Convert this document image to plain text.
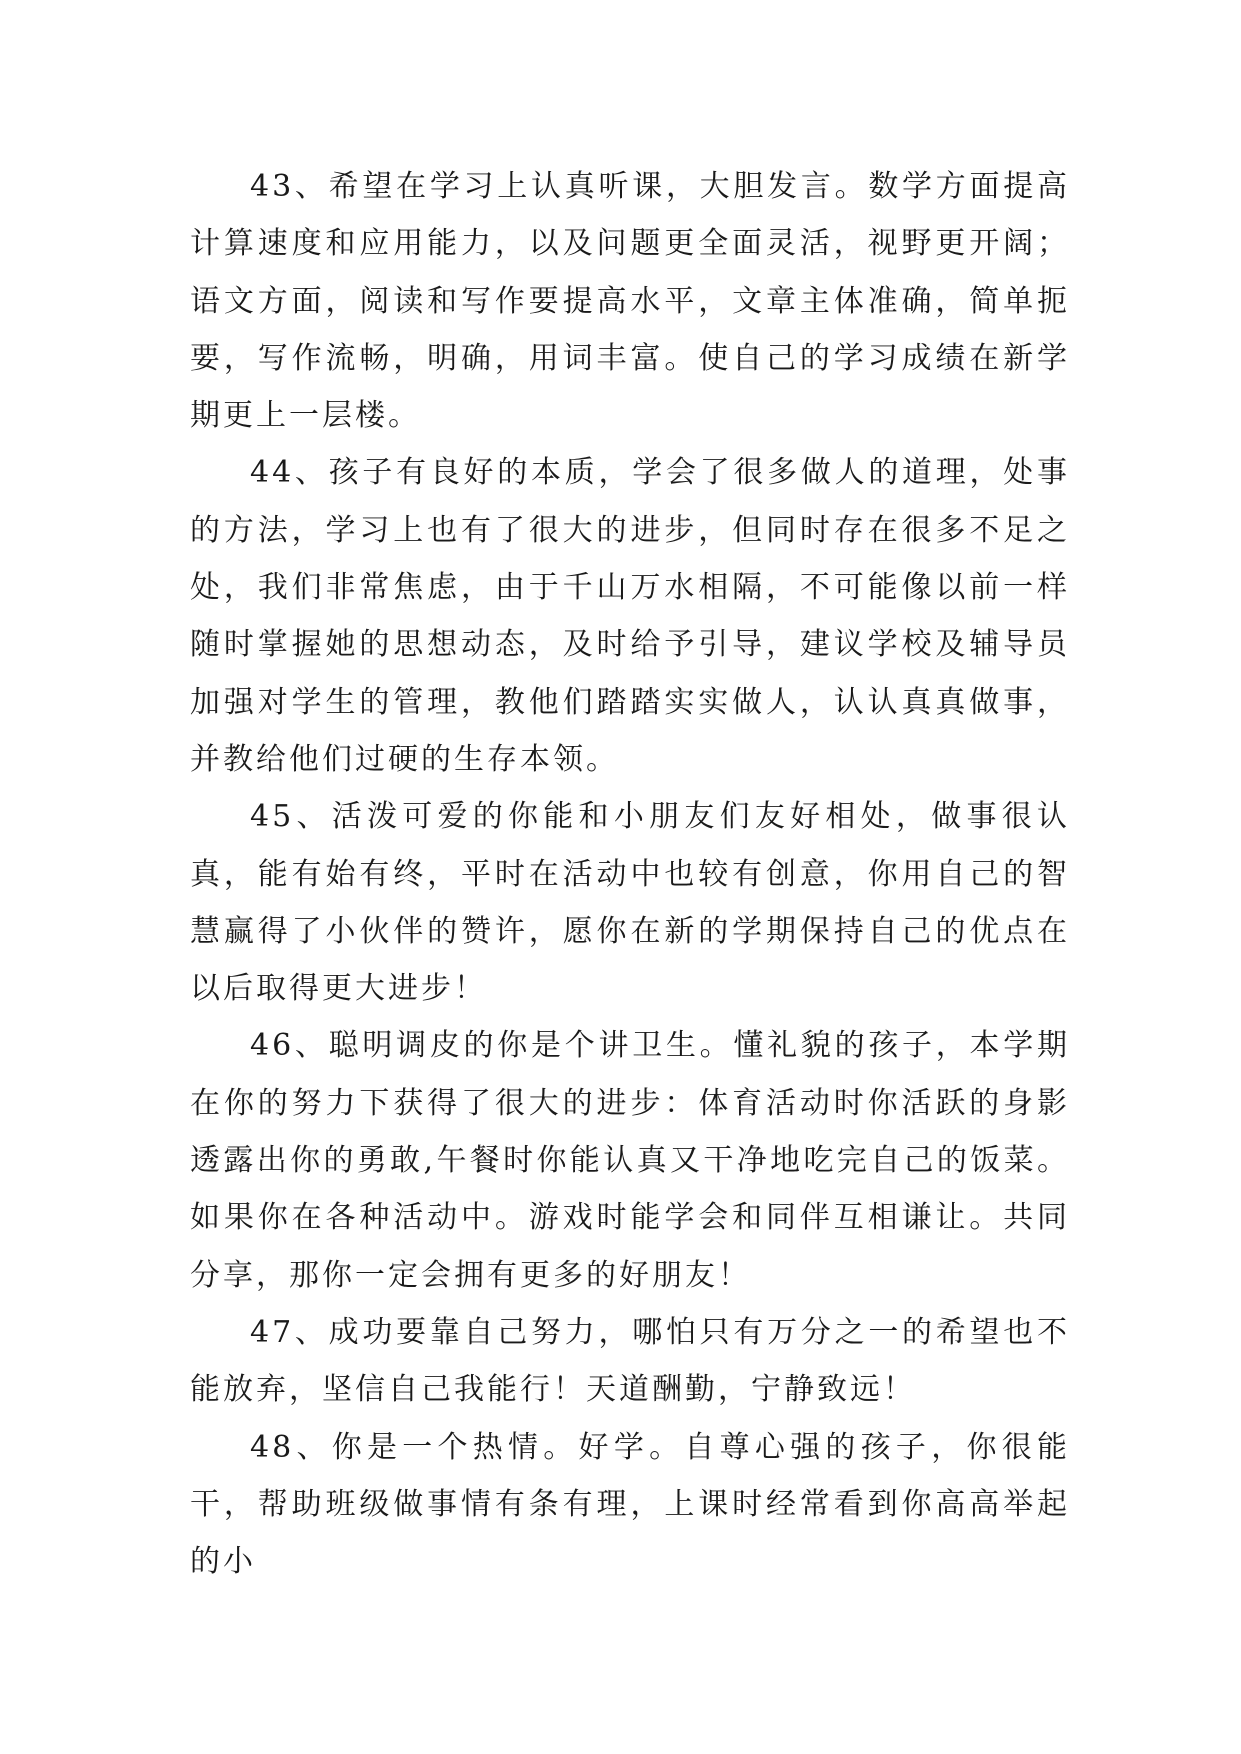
43、希望在学习上认真听课，大胆发言。数学方面提高计算速度和应用能力，以及问题更全面灵活，视野更开阔；语文方面，阅读和写作要提高水平，文章主体准确，简单扼要，写作流畅，明确，用词丰富。使自己的学习成绩在新学期更上一层楼。

44、孩子有良好的本质，学会了很多做人的道理，处事的方法，学习上也有了很大的进步，但同时存在很多不足之处，我们非常焦虑，由于千山万水相隔，不可能像以前一样随时掌握她的思想动态，及时给予引导，建议学校及辅导员加强对学生的管理，教他们踏踏实实做人，认认真真做事，并教给他们过硬的生存本领。

45、活泼可爱的你能和小朋友们友好相处，做事很认真，能有始有终，平时在活动中也较有创意，你用自己的智慧赢得了小伙伴的赞许，愿你在新的学期保持自己的优点在以后取得更大进步！

46、聪明调皮的你是个讲卫生。懂礼貌的孩子，本学期在你的努力下获得了很大的进步：体育活动时你活跃的身影透露出你的勇敢,午餐时你能认真又干净地吃完自己的饭菜。如果你在各种活动中。游戏时能学会和同伴互相谦让。共同分享，那你一定会拥有更多的好朋友！

47、成功要靠自己努力，哪怕只有万分之一的希望也不能放弃，坚信自己我能行！天道酬勤，宁静致远！

48、你是一个热情。好学。自尊心强的孩子，你很能干，帮助班级做事情有条有理，上课时经常看到你高高举起的小
